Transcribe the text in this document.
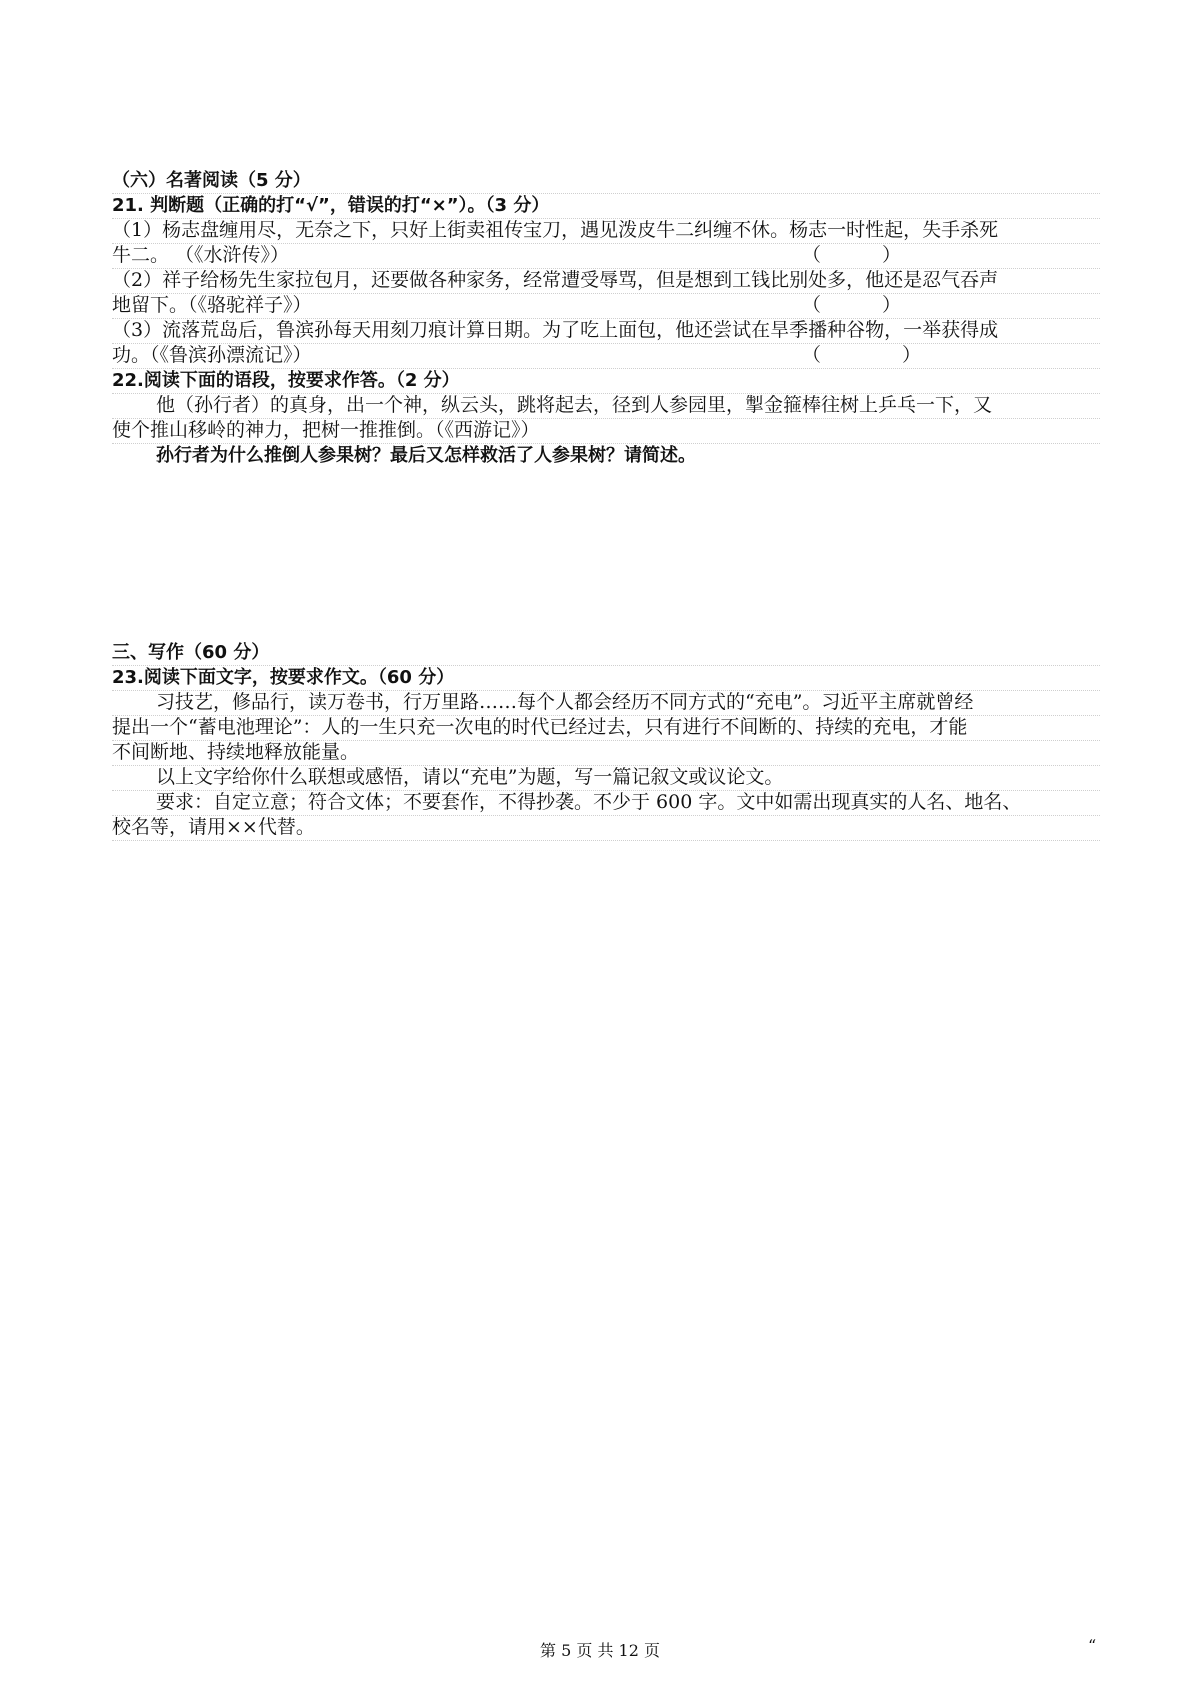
（六）名著阅读（5 分）
21. 判断题（正确的打“√”，错误的打“×”）。（3 分）
（1）杨志盘缠用尽，无奈之下，只好上街卖祖传宝刀，遇见泼皮牛二纠缠不休。杨志一时性起，失手杀死
牛二。 （《水浒传》）	（	）
（2）祥子给杨先生家拉包月，还要做各种家务，经常遭受辱骂，但是想到工钱比别处多，他还是忍气吞声
地留下。（《骆驼祥子》）	（	）
（3）流落荒岛后，鲁滨孙每天用刻刀痕计算日期。为了吃上面包，他还尝试在旱季播种谷物，一举获得成
功。（《鲁滨孙漂流记》）	（	）
22.阅读下面的语段，按要求作答。（2 分）
他（孙行者）的真身，出一个神，纵云头，跳将起去，径到人参园里，掣金箍棒往树上乒乓一下，又
使个推山移岭的神力，把树一推推倒。（《西游记》）
孙行者为什么推倒人参果树？最后又怎样救活了人参果树？请简述。
三、写作（60 分）
23.阅读下面文字，按要求作文。（60 分）
习技艺，修品行，读万卷书，行万里路……每个人都会经历不同方式的“充电”。习近平主席就曾经
提出一个“蓄电池理论”：人的一生只充一次电的时代已经过去，只有进行不间断的、持续的充电，才能
不间断地、持续地释放能量。
以上文字给你什么联想或感悟，请以“充电”为题，写一篇记叙文或议论文。
要求：自定立意；符合文体；不要套作，不得抄袭。不少于 600 字。文中如需出现真实的人名、地名、
校名等，请用××代替。
第 5 页 共 12 页	“
